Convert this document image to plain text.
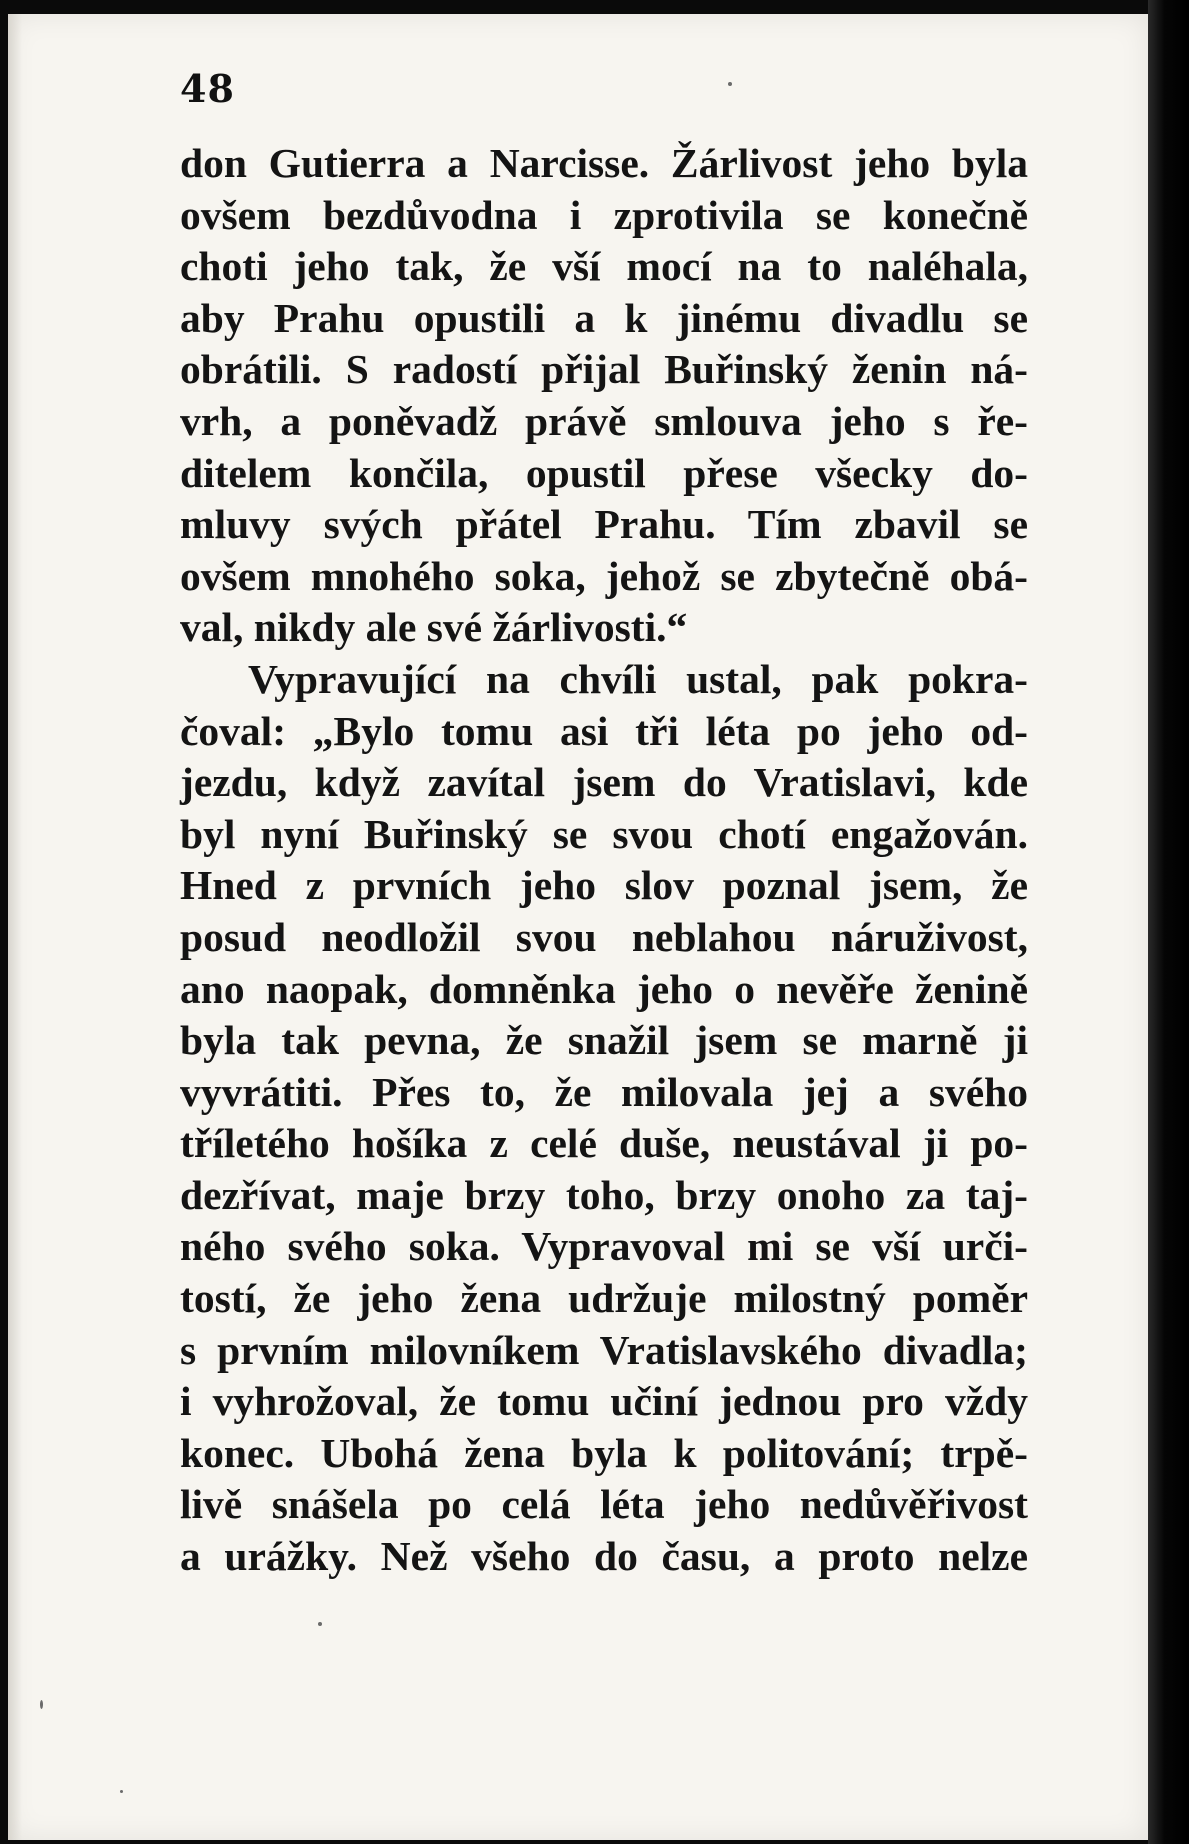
48
don Gutierra a Narcisse. Žárlivost jeho byla
ovšem bezdůvodna i zprotivila se konečně
choti jeho tak, že vší mocí na to naléhala,
aby Prahu opustili a k jinému divadlu se
obrátili. S radostí přijal Buřinský ženin ná-
vrh, a poněvadž právě smlouva jeho s ře-
ditelem končila, opustil přese všecky do-
mluvy svých přátel Prahu. Tím zbavil se
ovšem mnohého soka, jehož se zbytečně obá-
val, nikdy ale své žárlivosti.“
Vypravující na chvíli ustal, pak pokra-
čoval: „Bylo tomu asi tři léta po jeho od-
jezdu, když zavítal jsem do Vratislavi, kde
byl nyní Buřinský se svou chotí engažován.
Hned z prvních jeho slov poznal jsem, že
posud neodložil svou neblahou náruživost,
ano naopak, domněnka jeho o nevěře ženině
byla tak pevna, že snažil jsem se marně ji
vyvrátiti. Přes to, že milovala jej a svého
tříletého hošíka z celé duše, neustával ji po-
dezřívat, maje brzy toho, brzy onoho za taj-
ného svého soka. Vypravoval mi se vší urči-
tostí, že jeho žena udržuje milostný poměr
s prvním milovníkem Vratislavského divadla;
i vyhrožoval, že tomu učiní jednou pro vždy
konec. Ubohá žena byla k politování; trpě-
livě snášela po celá léta jeho nedůvěřivost
a urážky. Než všeho do času, a proto nelze
